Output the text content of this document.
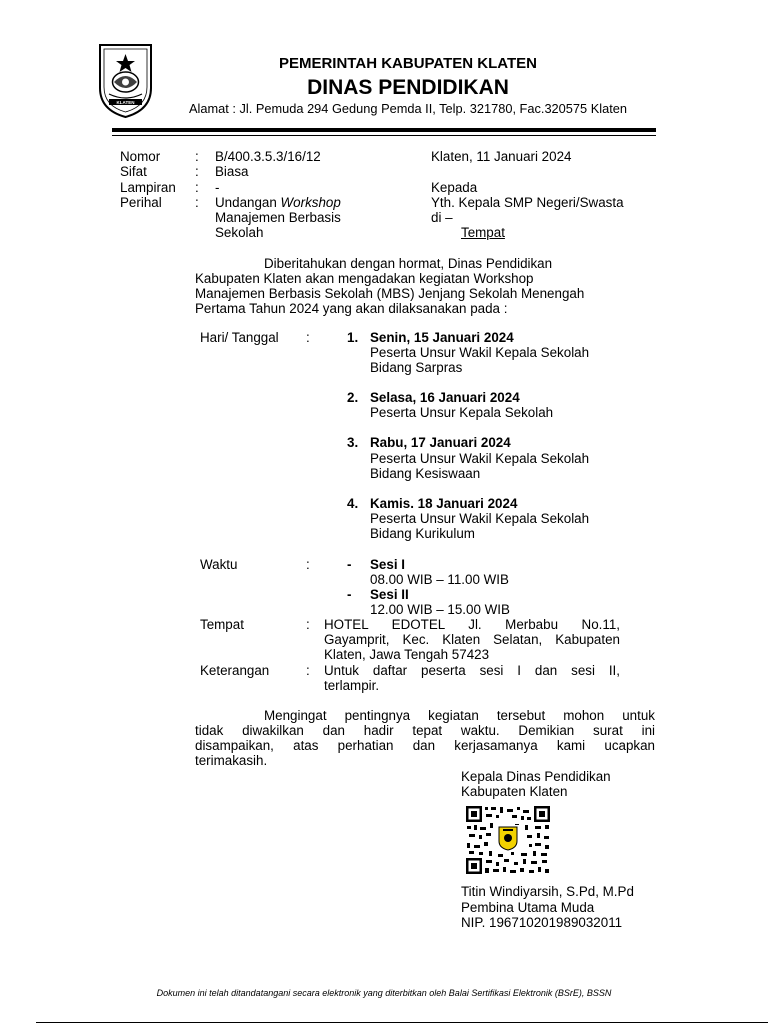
KLATEN
PEMERINTAH KABUPATEN KLATEN
DINAS PENDIDIKAN
Alamat : Jl. Pemuda 294 Gedung Pemda II, Telp. 321780, Fac.320575 Klaten
Nomor	: B/400.3.5.3/16/12
Sifat	: Biasa
Lampiran : -
Perihal : Undangan Workshop
Manajemen Berbasis
Sekolah
Klaten, 11 Januari 2024
Kepada
Yth. Kepala SMP Negeri/Swasta
di –
Tempat
Diberitahukan dengan hormat, Dinas Pendidikan
Kabupaten Klaten akan mengadakan kegiatan Workshop
Manajemen Berbasis Sekolah (MBS) Jenjang Sekolah Menengah
Pertama Tahun 2024 yang akan dilaksanakan pada :
Hari/ Tanggal :	1. Senin, 15 Januari 2024
Peserta Unsur Wakil Kepala Sekolah
Bidang Sarpras
2. Selasa, 16 Januari 2024
Peserta Unsur Kepala Sekolah
3. Rabu, 17 Januari 2024
Peserta Unsur Wakil Kepala Sekolah
Bidang Kesiswaan
4. Kamis. 18 Januari 2024
Peserta Unsur Wakil Kepala Sekolah
Bidang Kurikulum
Waktu	:	- Sesi I
08.00 WIB – 11.00 WIB
- Sesi II
12.00 WIB – 15.00 WIB
Tempat	: HOTEL EDOTEL Jl. Merbabu No.11,
Gayamprit, Kec. Klaten Selatan, Kabupaten
Klaten, Jawa Tengah 57423
Keterangan	: Untuk daftar peserta sesi I dan sesi II,
terlampir.
Mengingat pentingnya kegiatan tersebut mohon untuk
tidak diwakilkan dan hadir tepat waktu. Demikian surat ini
disampaikan, atas perhatian dan kerjasamanya kami ucapkan
terimakasih.
Kepala Dinas Pendidikan
Kabupaten Klaten
Titin Windiyarsih, S.Pd, M.Pd
Pembina Utama Muda
NIP. 196710201989032011
Dokumen ini telah ditandatangani secara elektronik yang diterbitkan oleh Balai Sertifikasi Elektronik (BSrE), BSSN
